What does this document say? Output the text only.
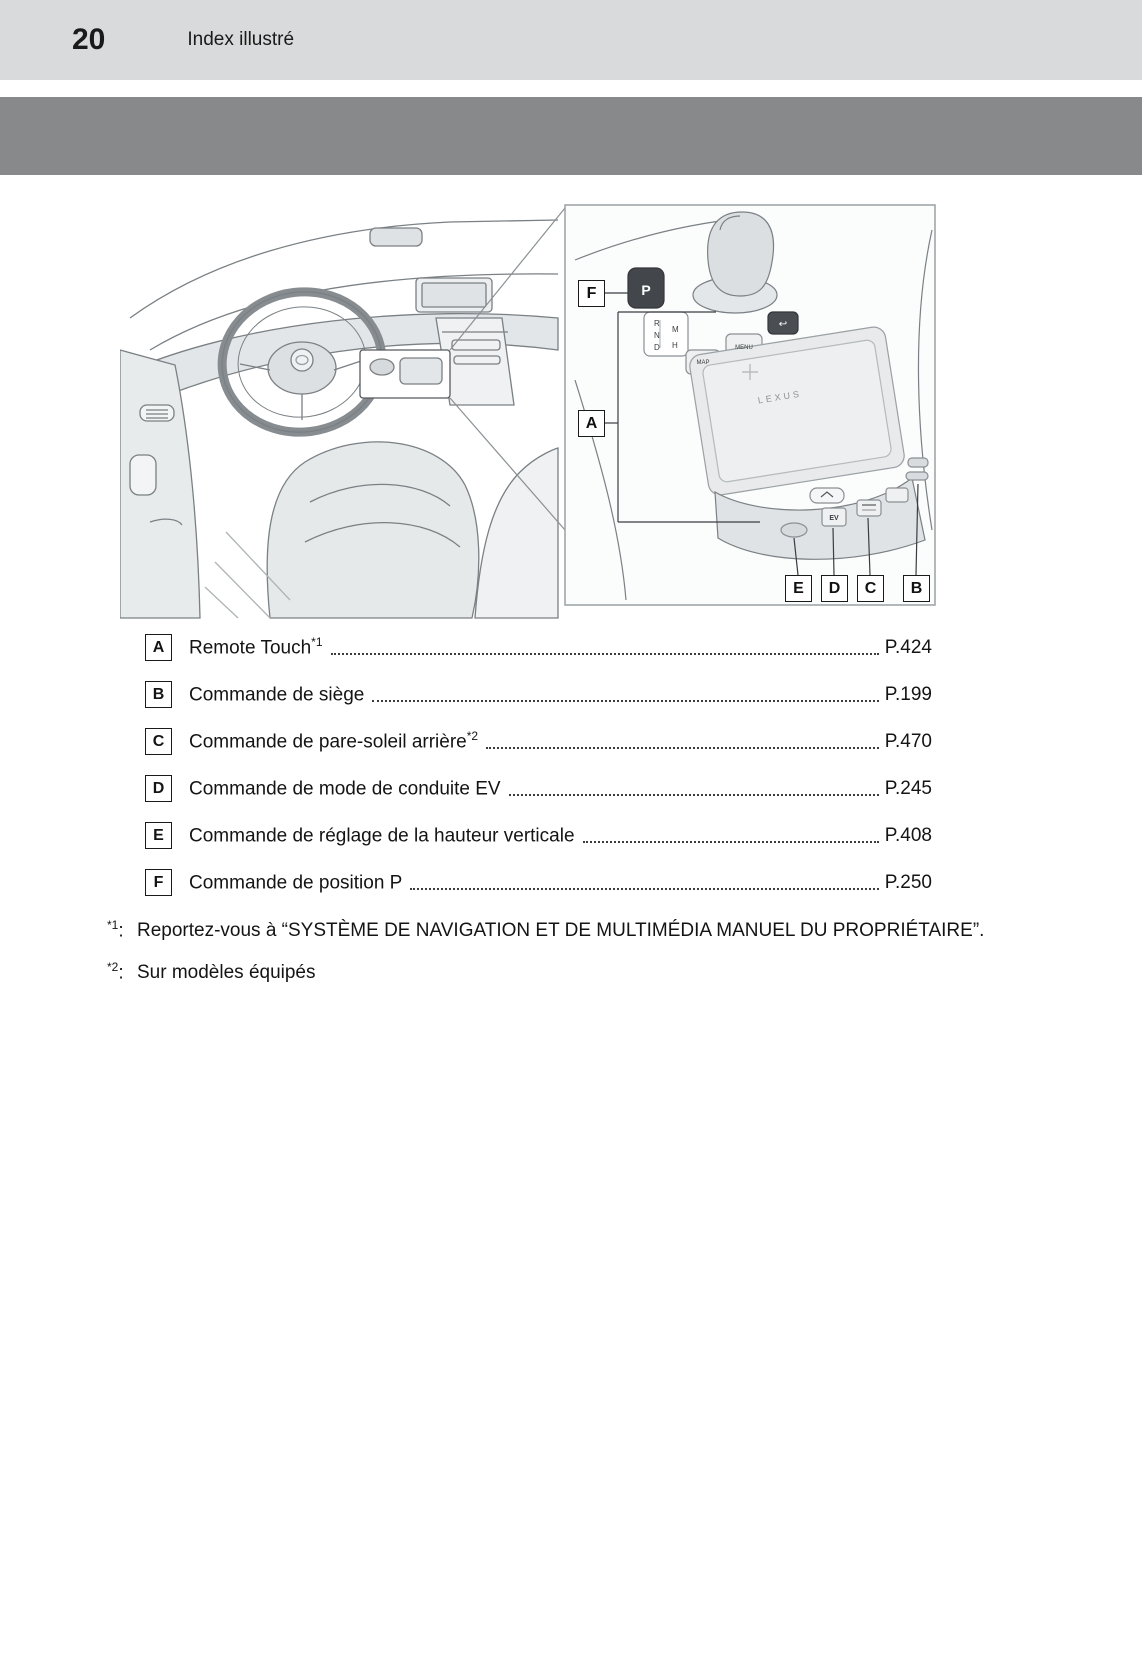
20	Index illustré
P
R
N
D
M
H
↩
MENU
MAP
LEXUS
EV
F
A
E	D	C	B
A	Remote Touch$^{*1}$	P.424
B	Commande de siège	P.199
C	Commande de pare-soleil arrière$^{*2}$	P.470
D	Commande de mode de conduite EV	P.245
E	Commande de réglage de la hauteur verticale	P.408
F	Commande de position P	P.250
$^{*1}$: Reportez-vous à “SYSTÈME DE NAVIGATION ET DE MULTIMÉDIA MANUEL DU PROPRIÉTAIRE”.
$^{*2}$: Sur modèles équipés
